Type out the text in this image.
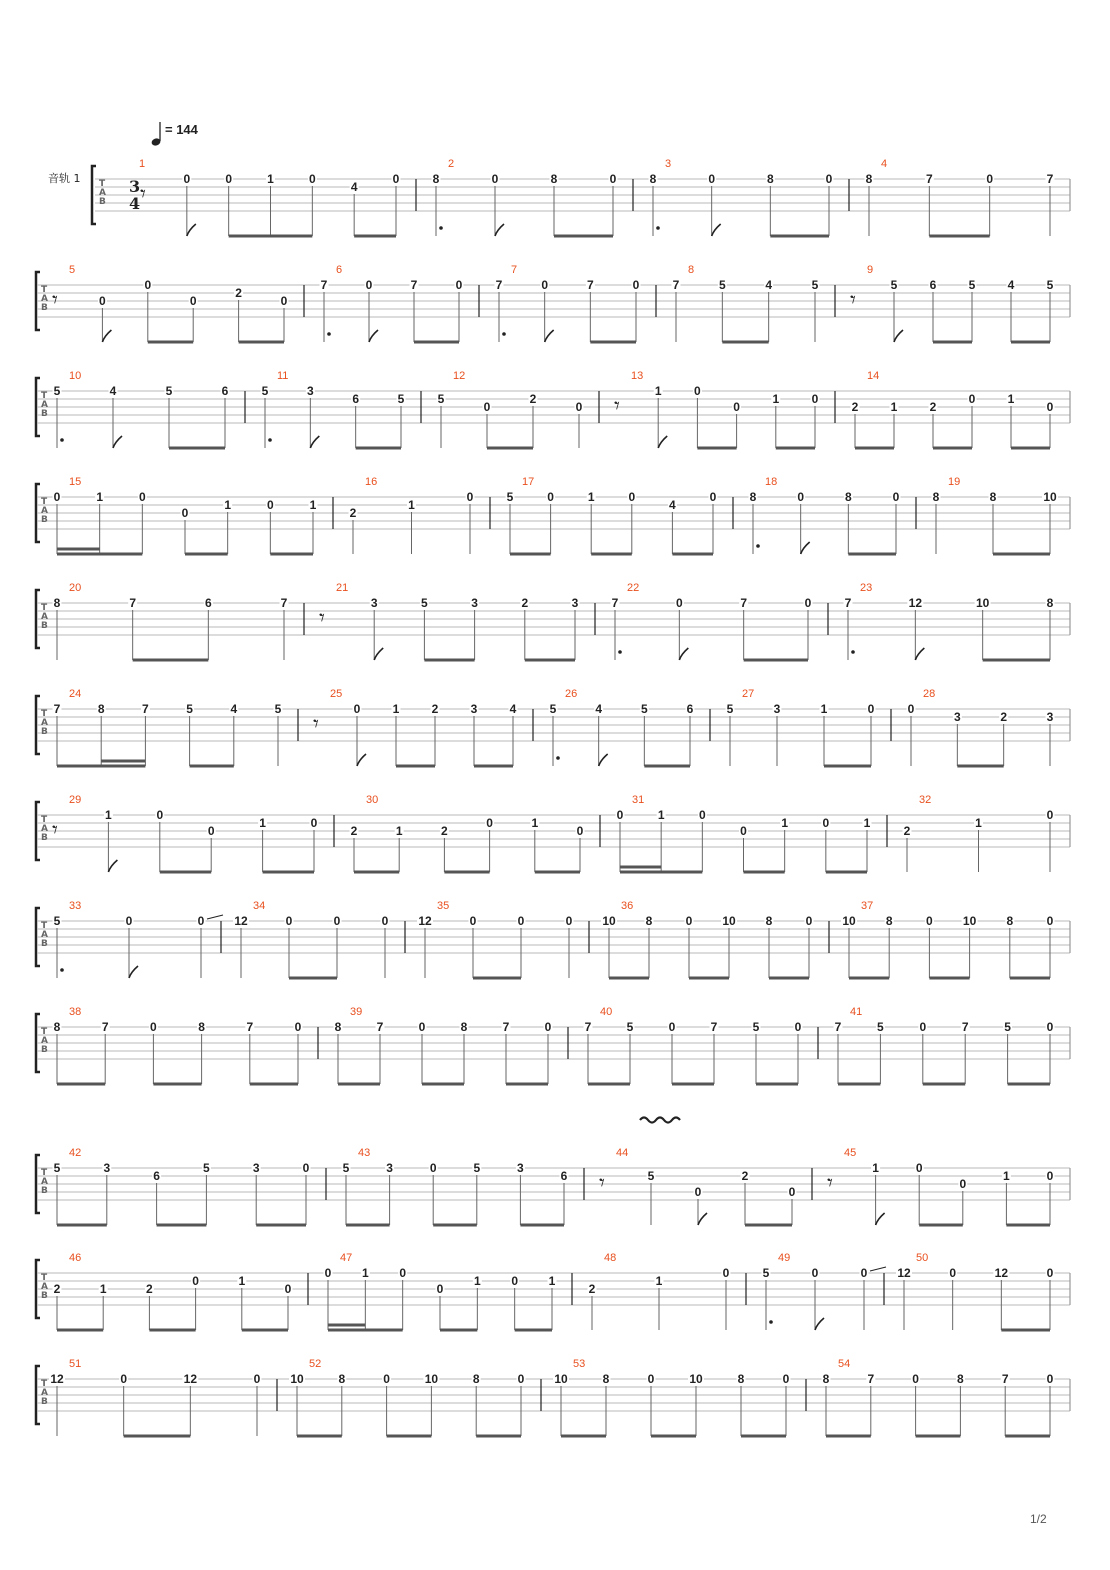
= 144
音轨 1 T
A
B
3
4
1
𝄾
0	0	1	0
4
0
2
8	0	8	0
3
8	0	8	0
4
8	7	0	7
T
A
B
5
𝄾	0
0
0
2
0
6
7	0	7	0
7
7	0	7	0
8
7	5	4	5
9
𝄾
5	6	5	4	5
T
A
B
10
5	4	5	6
11
5	3
6	5
12
5
0
2
0
13
𝄾
1	0
0
1	0
14
2	1	2
0	1
0
T
A
B
15
0	1	0
0
1	0	1
16
2
1
0
17
5	0	1	0
4
0
18
8	0	8	0
19
8	8	10
T
A
B
20
8	7	6	7
21
𝄾
3	5	3	2	3
22
7	0	7	0
23
7	12	10	8
T
A
B
24
7	8	7	5	4	5
25
𝄾
0	1	2	3	4
26
5	4	5	6
27
5	3	1	0
28
0
3	2	3
T
A
B
29
𝄾
1	0
0
1	0
30
2	1	2
0	1
0
31
0	1	0
0
1	0	1
32
2
1
0
T
A
B
33
5	0	0
34
12	0	0	0
35
12	0	0	0
36
10 8	0 10 8	0
37
10	8	0	10	8	0
T
A
B
38
8	7	0	8	7	0
39
8	7	0	8	7	0
40
7	5	0	7	5	0
41
7	5	0	7	5	0
T
A
B
42
5	3
6
5	3	0
43
5	3	0	5	3
6
44
𝄾	5
0
2
0
45
𝄾
1	0
0
1	0
T
A
B
46
2	1	2
0	1
0
47
0	1	0
0
1	0	1
48
2
1
0
49
5	0	0
50
12	0	12	0
T
A
B
51
12	0	12	0
52
10	8	0	10	8	0
53
10	8	0	10	8	0
54
8	7	0	8	7	0
1/2
